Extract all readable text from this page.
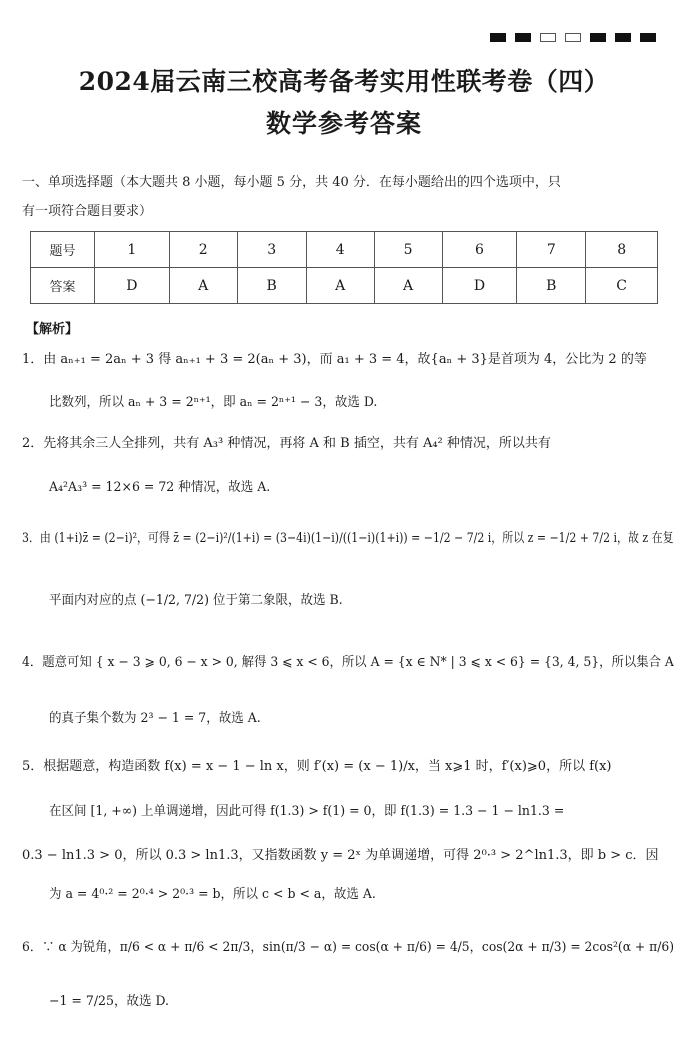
2024届云南三校高考备考实用性联考卷（四）
数学参考答案
一、单项选择题（本大题共 8 小题，每小题 5 分，共 40 分．在每小题给出的四个选项中，只
有一项符合题目要求）
题号	1	2	3	4	5	6	7	8
答案	D	A	B	A	A	D	B	C
【解析】
1．由 aₙ₊₁ = 2aₙ + 3 得 aₙ₊₁ + 3 = 2(aₙ + 3)，而 a₁ + 3 = 4，故{aₙ + 3}是首项为 4，公比为 2 的等
比数列，所以 aₙ + 3 = 2ⁿ⁺¹，即 aₙ = 2ⁿ⁺¹ − 3，故选 D.
2．先将其余三人全排列，共有 A₃³ 种情况，再将 A 和 B 插空，共有 A₄² 种情况，所以共有
A₄²A₃³ = 12×6 = 72 种情况，故选 A.
3．由 (1+i)z̄ = (2−i)²，可得 z̄ = (2−i)²/(1+i) = (3−4i)(1−i)/((1−i)(1+i)) = −1/2 − 7/2 i，所以 z = −1/2 + 7/2 i，故 z 在复
平面内对应的点 (−1/2, 7/2) 位于第二象限，故选 B.
4．题意可知 { x − 3 ⩾ 0, 6 − x > 0, 解得 3 ⩽ x < 6，所以 A = {x ∈ N* | 3 ⩽ x < 6} = {3, 4, 5}，所以集合 A
的真子集个数为 2³ − 1 = 7，故选 A.
5．根据题意，构造函数 f(x) = x − 1 − ln x，则 f′(x) = (x − 1)/x，当 x⩾1 时，f′(x)⩾0，所以 f(x)
在区间 [1, +∞) 上单调递增，因此可得 f(1.3) > f(1) = 0，即 f(1.3) = 1.3 − 1 − ln1.3 =
0.3 − ln1.3 > 0，所以 0.3 > ln1.3，又指数函数 y = 2ˣ 为单调递增，可得 2⁰·³ > 2^ln1.3，即 b > c．因
为 a = 4⁰·² = 2⁰·⁴ > 2⁰·³ = b，所以 c < b < a，故选 A.
6．∵ α 为锐角，π/6 < α + π/6 < 2π/3，sin(π/3 − α) = cos(α + π/6) = 4/5，cos(2α + π/3) = 2cos²(α + π/6)
−1 = 7/25，故选 D.
